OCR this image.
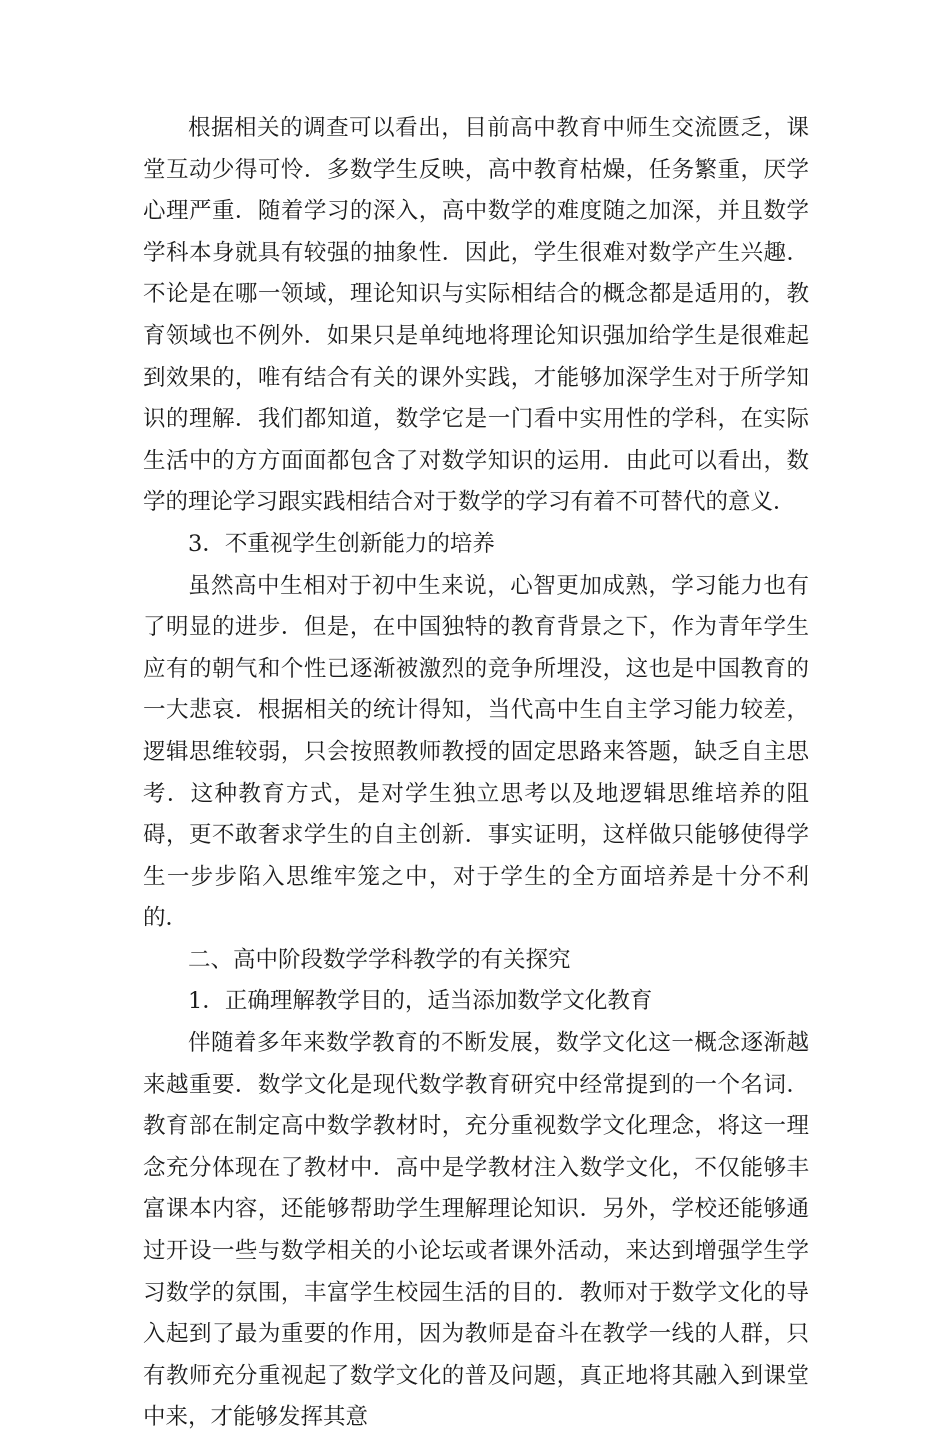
根据相关的调查可以看出，目前高中教育中师生交流匮乏，课堂互动少得可怜．多数学生反映，高中教育枯燥，任务繁重，厌学心理严重．随着学习的深入，高中数学的难度随之加深，并且数学学科本身就具有较强的抽象性．因此，学生很难对数学产生兴趣．不论是在哪一领域，理论知识与实际相结合的概念都是适用的，教育领域也不例外．如果只是单纯地将理论知识强加给学生是很难起到效果的，唯有结合有关的课外实践，才能够加深学生对于所学知识的理解．我们都知道，数学它是一门看中实用性的学科，在实际生活中的方方面面都包含了对数学知识的运用．由此可以看出，数学的理论学习跟实践相结合对于数学的学习有着不可替代的意义．

3．不重视学生创新能力的培养

虽然高中生相对于初中生来说，心智更加成熟，学习能力也有了明显的进步．但是，在中国独特的教育背景之下，作为青年学生应有的朝气和个性已逐渐被激烈的竞争所埋没，这也是中国教育的一大悲哀．根据相关的统计得知，当代高中生自主学习能力较差，逻辑思维较弱，只会按照教师教授的固定思路来答题，缺乏自主思考．这种教育方式，是对学生独立思考以及地逻辑思维培养的阻碍，更不敢奢求学生的自主创新．事实证明，这样做只能够使得学生一步步陷入思维牢笼之中，对于学生的全方面培养是十分不利的．

二、高中阶段数学学科教学的有关探究

1．正确理解教学目的，适当添加数学文化教育

伴随着多年来数学教育的不断发展，数学文化这一概念逐渐越来越重要．数学文化是现代数学教育研究中经常提到的一个名词．教育部在制定高中数学教材时，充分重视数学文化理念，将这一理念充分体现在了教材中．高中是学教材注入数学文化，不仅能够丰富课本内容，还能够帮助学生理解理论知识．另外，学校还能够通过开设一些与数学相关的小论坛或者课外活动，来达到增强学生学习数学的氛围，丰富学生校园生活的目的．教师对于数学文化的导入起到了最为重要的作用，因为教师是奋斗在教学一线的人群，只有教师充分重视起了数学文化的普及问题，真正地将其融入到课堂中来，才能够发挥其意
